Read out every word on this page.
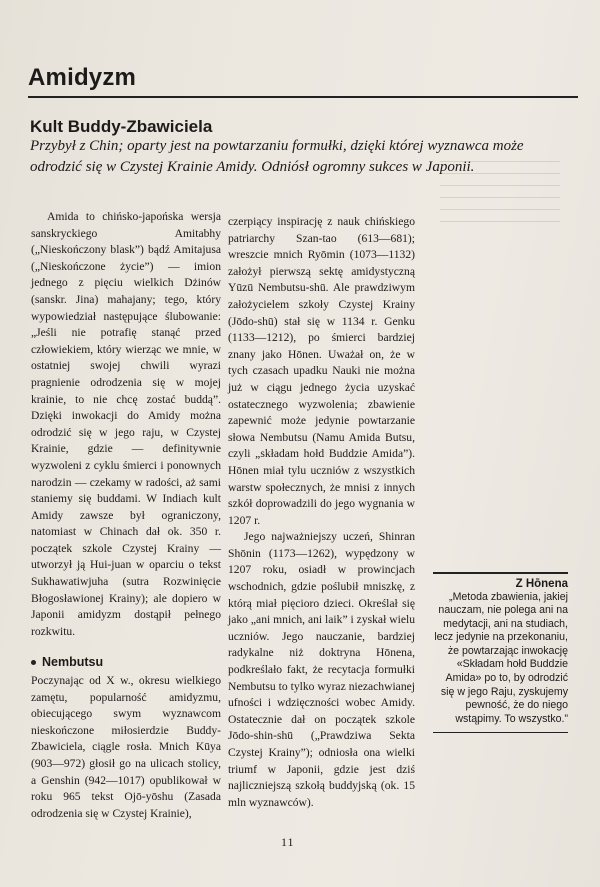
Amidyzm
Kult Buddy-Zbawiciela

Przybył z Chin; oparty jest na powtarzaniu formułki, dzięki której wyznawca może odrodzić się w Czystej Krainie Amidy. Odniósł ogromny sukces w Japonii.

Amida to chińsko-japońska wersja sanskryckiego Amitabhy („Nieskończony blask”) bądź Amitajusa („Nieskończone życie”) — imion jednego z pięciu wielkich Dżinów (sanskr. Jina) mahajany; tego, który wypowiedział następujące ślubowanie: „Jeśli nie potrafię stanąć przed człowiekiem, który wierząc we mnie, w ostatniej swojej chwili wyrazi pragnienie odrodzenia się w mojej krainie, to nie chcę zostać buddą”. Dzięki inwokacji do Amidy można odrodzić się w jego raju, w Czystej Krainie, gdzie — definitywnie wyzwoleni z cyklu śmierci i ponownych narodzin — czekamy w radości, aż sami staniemy się buddami. W Indiach kult Amidy zawsze był ograniczony, natomiast w Chinach dał ok. 350 r. początek szkole Czystej Krainy — utworzył ją Hui-juan w oparciu o tekst Sukhawatiwjuha (sutra Rozwinięcie Błogosławionej Krainy); ale dopiero w Japonii amidyzm dostąpił pełnego rozkwitu.

Nembutsu

Poczynając od X w., okresu wielkiego zamętu, popularność amidyzmu, obiecującego swym wyznawcom nieskończone miłosierdzie Buddy-Zbawiciela, ciągle rosła. Mnich Kūya (903—972) głosił go na ulicach stolicy, a Genshin (942—1017) opublikował w roku 965 tekst Ojō-yōshu (Zasada odrodzenia się w Czystej Krainie),

czerpiący inspirację z nauk chińskiego patriarchy Szan-tao (613—681); wreszcie mnich Ryōmin (1073—1132) założył pierwszą sektę amidystyczną Yūzū Nembutsu-shū. Ale prawdziwym założycielem szkoły Czystej Krainy (Jōdo-shū) stał się w 1134 r. Genku (1133—1212), po śmierci bardziej znany jako Hōnen. Uważał on, że w tych czasach upadku Nauki nie można już w ciągu jednego życia uzyskać ostatecznego wyzwolenia; zbawienie zapewnić może jedynie powtarzanie słowa Nembutsu (Namu Amida Butsu, czyli „składam hołd Buddzie Amida”). Hōnen miał tylu uczniów z wszystkich warstw społecznych, że mnisi z innych szkół doprowadzili do jego wygnania w 1207 r.

Jego najważniejszy uczeń, Shinran Shōnin (1173—1262), wypędzony w 1207 roku, osiadł w prowincjach wschodnich, gdzie poślubił mniszkę, z którą miał pięcioro dzieci. Określał się jako „ani mnich, ani laik” i zyskał wielu uczniów. Jego nauczanie, bardziej radykalne niż doktryna Hōnena, podkreślało fakt, że recytacja formułki Nembutsu to tylko wyraz niezachwianej ufności i wdzięczności wobec Amidy. Ostatecznie dał on początek szkole Jōdo-shin-shū („Prawdziwa Sekta Czystej Krainy”); odniosła ona wielki triumf w Japonii, gdzie jest dziś najliczniejszą szkołą buddyjską (ok. 15 mln wyznawców).

Z Hōnena
„Metoda zbawienia, jakiej nauczam, nie polega ani na medytacji, ani na studiach, lecz jedynie na przekonaniu, że powtarzając inwokację «Składam hołd Buddzie Amida» po to, by odrodzić się w jego Raju, zyskujemy pewność, że do niego wstąpimy. To wszystko.”
11
